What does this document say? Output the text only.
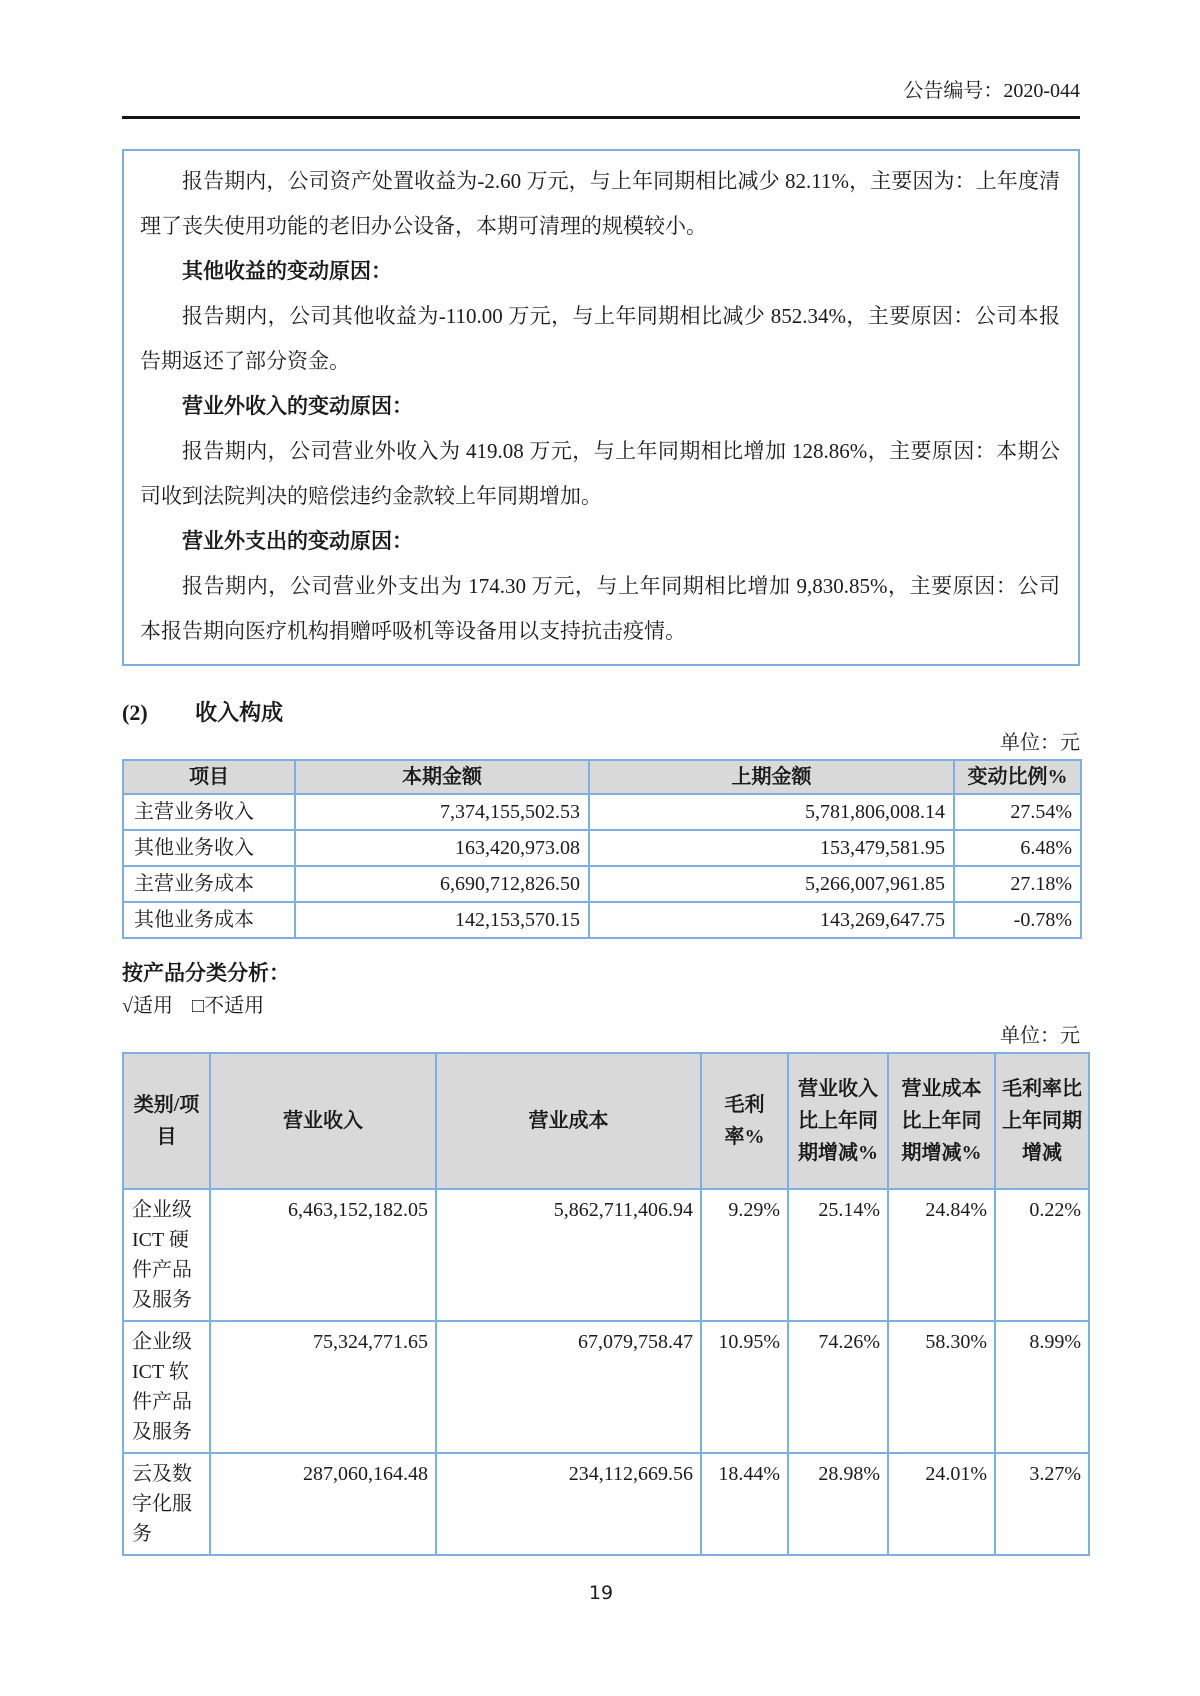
公告编号：2020-044

报告期内，公司资产处置收益为-2.60 万元，与上年同期相比减少 82.11%，主要因为：上年度清理了丧失使用功能的老旧办公设备，本期可清理的规模较小。

其他收益的变动原因：

报告期内，公司其他收益为-110.00 万元，与上年同期相比减少 852.34%，主要原因：公司本报告期返还了部分资金。

营业外收入的变动原因：

报告期内，公司营业外收入为 419.08 万元，与上年同期相比增加 128.86%，主要原因：本期公司收到法院判决的赔偿违约金款较上年同期增加。

营业外支出的变动原因：

报告期内，公司营业外支出为 174.30 万元，与上年同期相比增加 9,830.85%，主要原因：公司本报告期向医疗机构捐赠呼吸机等设备用以支持抗击疫情。

(2) 收入构成
单位：元
项目	本期金额	上期金额	变动比例%
主营业务收入	7,374,155,502.53	5,781,806,008.14	27.54%
其他业务收入	163,420,973.08	153,479,581.95	6.48%
主营业务成本	6,690,712,826.50	5,266,007,961.85	27.18%
其他业务成本	142,153,570.15	143,269,647.75	-0.78%
按产品分类分析：
√适用 □不适用
单位：元
类别/项目	营业收入	营业成本	毛利率%	营业收入比上年同期增减%	营业成本比上年同期增减%	毛利率比上年同期增减
企业级 ICT 硬件产品及服务	6,463,152,182.05	5,862,711,406.94	9.29%	25.14%	24.84%	0.22%
企业级 ICT 软件产品及服务	75,324,771.65	67,079,758.47	10.95%	74.26%	58.30%	8.99%
云及数字化服务	287,060,164.48	234,112,669.56	18.44%	28.98%	24.01%	3.27%
19
